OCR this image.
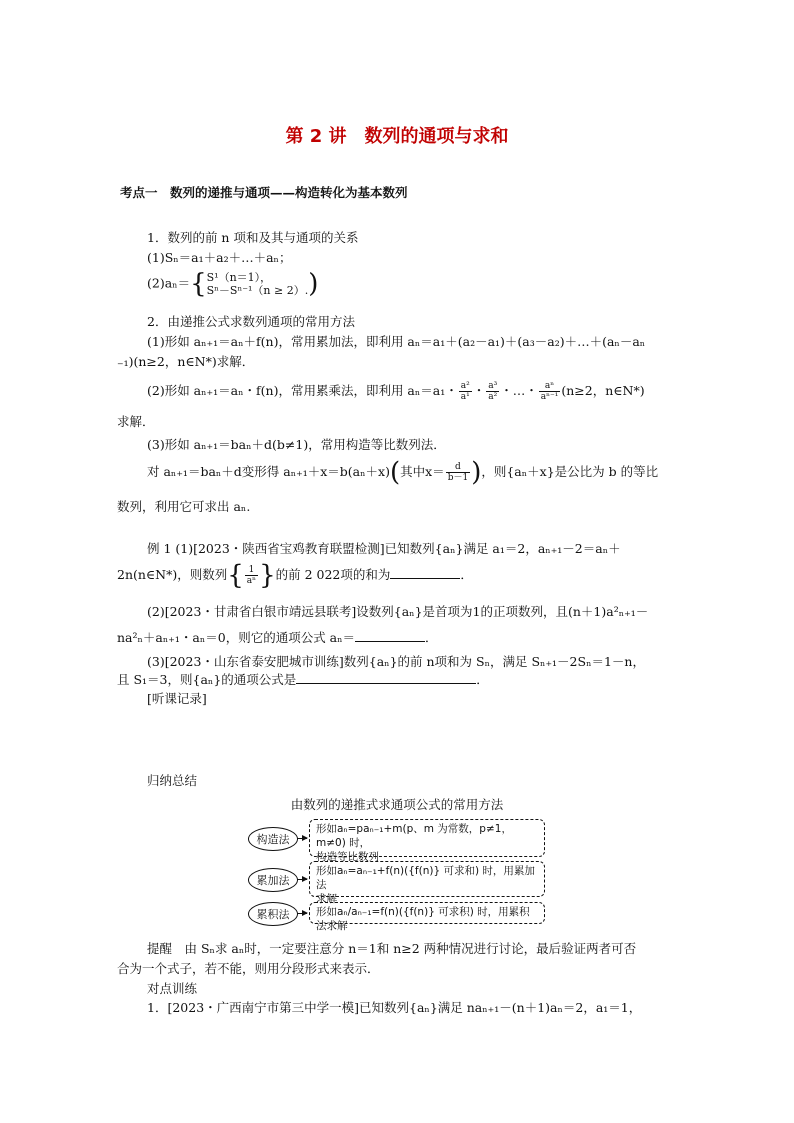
第 2 讲　数列的通项与求和
考点一　数列的递推与通项——构造转化为基本数列
1．数列的前 n 项和及其与通项的关系
(1)Sₙ＝a₁＋a₂＋…＋aₙ；
(2)aₙ＝{ S¹（n＝1），
Sⁿ－Sⁿ⁻¹（n ≥ 2）. )
2．由递推公式求数列通项的常用方法
(1)形如 aₙ₊₁＝aₙ＋f(n)，常用累加法，即利用 aₙ＝a₁＋(a₂－a₁)＋(a₃－a₂)＋…＋(aₙ－aₙ
₋₁)(n≥2，n∈N*)求解．
(2)形如 aₙ₊₁＝aₙ・f(n)，常用累乘法，即利用 aₙ＝a₁・ $\frac{\text{a²}}{\text{a¹}}$ ・ $\frac{\text{a³}}{\text{a²}}$ ・…・ $\frac{\text{aⁿ}}{\text{aⁿ⁻¹}} (n\ge 2$，n∈N*)
求解．
(3)形如 aₙ₊₁＝baₙ＋d(b≠1)，常用构造等比数列法．
对 aₙ₊₁＝baₙ＋d变形得 aₙ₊₁＋x＝b(aₙ＋x)(其中$x= \frac{d}{b-1}$ )，则{aₙ＋x}是公比为 b 的等比
数列，利用它可求出 aₙ.
例 1 (1)[2023・陕西省宝鸡教育联盟检测]已知数列{aₙ}满足 a₁＝2，aₙ₊₁－2＝aₙ＋
2n(n∈N*)，则数列{ $\frac{1}{\text{aⁿ}}$ }的前 2 022项的和为	．
(2)[2023・甘肃省白银市靖远县联考]设数列{aₙ}是首项为1的正项数列，且(n＋1)a²ₙ₊₁－
na²ₙ＋aₙ₊₁・aₙ＝0，则它的通项公式 aₙ＝	．
(3)[2023・山东省泰安肥城市训练]数列{aₙ}的前 n项和为 Sₙ，满足 Sₙ₊₁－2Sₙ＝1－n，
且 S₁＝3，则{aₙ}的通项公式是	．
[听课记录]
归纳总结
由数列的递推式求通项公式的常用方法
构造法
形如aₙ=paₙ₋₁+m(p、m 为常数，p≠1，m≠0) 时，
构造等比数列
累加法
形如aₙ=aₙ₋₁+f(n)({f(n)} 可求和) 时，用累加法
求解
累积法	形如aₙ/aₙ₋₁=f(n)({f(n)} 可求积) 时，用累积法求解
提醒　由 Sₙ求 aₙ时，一定要注意分 n＝1和 n≥2 两种情况进行讨论，最后验证两者可否
合为一个式子，若不能，则用分段形式来表示．
对点训练
1．[2023・广西南宁市第三中学一模]已知数列{aₙ}满足 naₙ₊₁－(n＋1)aₙ＝2，a₁＝1，
